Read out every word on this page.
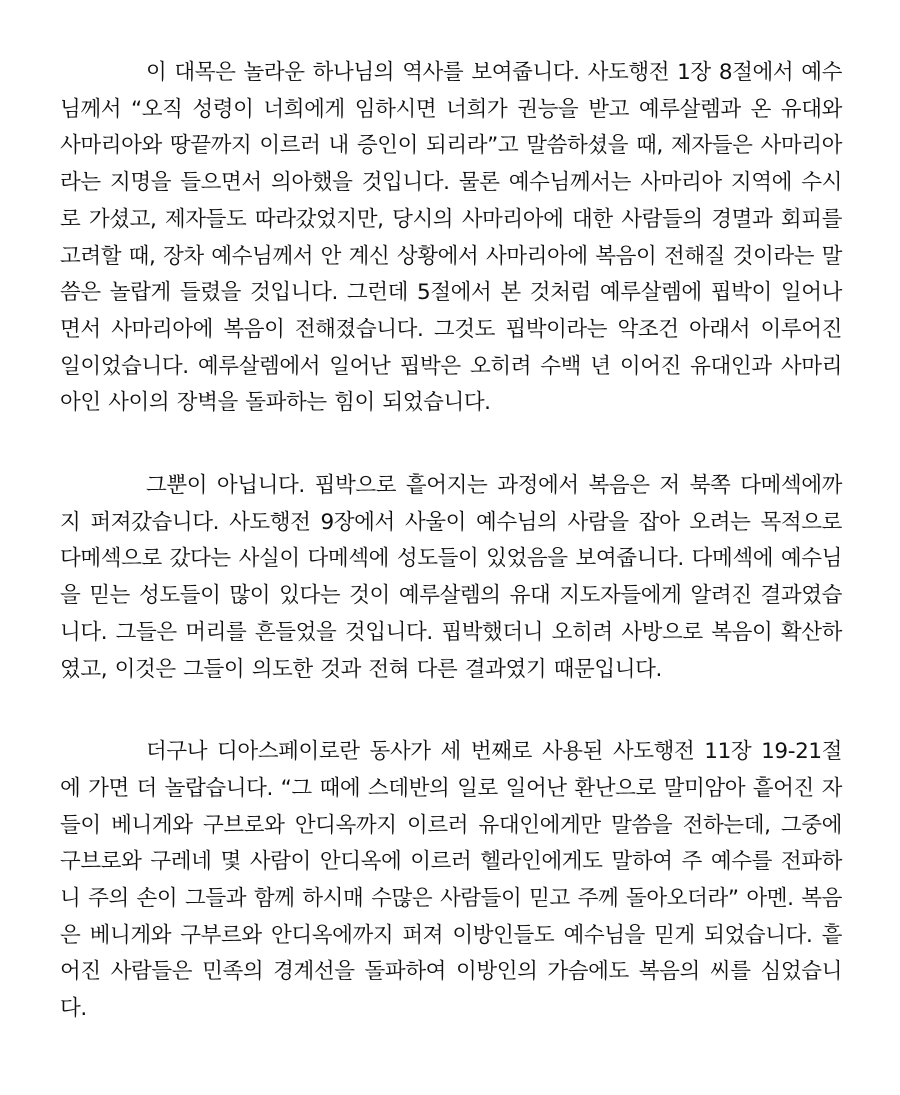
이 대목은 놀라운 하나님의 역사를 보여줍니다. 사도행전 1장 8절에서 예수님께서 “오직 성령이 너희에게 임하시면 너희가 권능을 받고 예루살렘과 온 유대와 사마리아와 땅끝까지 이르러 내 증인이 되리라”고 말씀하셨을 때, 제자들은 사마리아라는 지명을 들으면서 의아했을 것입니다. 물론 예수님께서는 사마리아 지역에 수시로 가셨고, 제자들도 따라갔었지만, 당시의 사마리아에 대한 사람들의 경멸과 회피를 고려할 때, 장차 예수님께서 안 계신 상황에서 사마리아에 복음이 전해질 것이라는 말씀은 놀랍게 들렸을 것입니다. 그런데 5절에서 본 것처럼 예루살렘에 핍박이 일어나면서 사마리아에 복음이 전해졌습니다. 그것도 핍박이라는 악조건 아래서 이루어진 일이었습니다. 예루살렘에서 일어난 핍박은 오히려 수백 년 이어진 유대인과 사마리아인 사이의 장벽을 돌파하는 힘이 되었습니다.

그뿐이 아닙니다. 핍박으로 흩어지는 과정에서 복음은 저 북쪽 다메섹에까지 퍼져갔습니다. 사도행전 9장에서 사울이 예수님의 사람을 잡아 오려는 목적으로 다메섹으로 갔다는 사실이 다메섹에 성도들이 있었음을 보여줍니다. 다메섹에 예수님을 믿는 성도들이 많이 있다는 것이 예루살렘의 유대 지도자들에게 알려진 결과였습니다. 그들은 머리를 흔들었을 것입니다. 핍박했더니 오히려 사방으로 복음이 확산하였고, 이것은 그들이 의도한 것과 전혀 다른 결과였기 때문입니다.

더구나 디아스페이로란 동사가 세 번째로 사용된 사도행전 11장 19-21절에 가면 더 놀랍습니다. “그 때에 스데반의 일로 일어난 환난으로 말미암아 흩어진 자들이 베니게와 구브로와 안디옥까지 이르러 유대인에게만 말씀을 전하는데, 그중에 구브로와 구레네 몇 사람이 안디옥에 이르러 헬라인에게도 말하여 주 예수를 전파하니 주의 손이 그들과 함께 하시매 수많은 사람들이 믿고 주께 돌아오더라” 아멘. 복음은 베니게와 구부르와 안디옥에까지 퍼져 이방인들도 예수님을 믿게 되었습니다. 흩어진 사람들은 민족의 경계선을 돌파하여 이방인의 가슴에도 복음의 씨를 심었습니다.
